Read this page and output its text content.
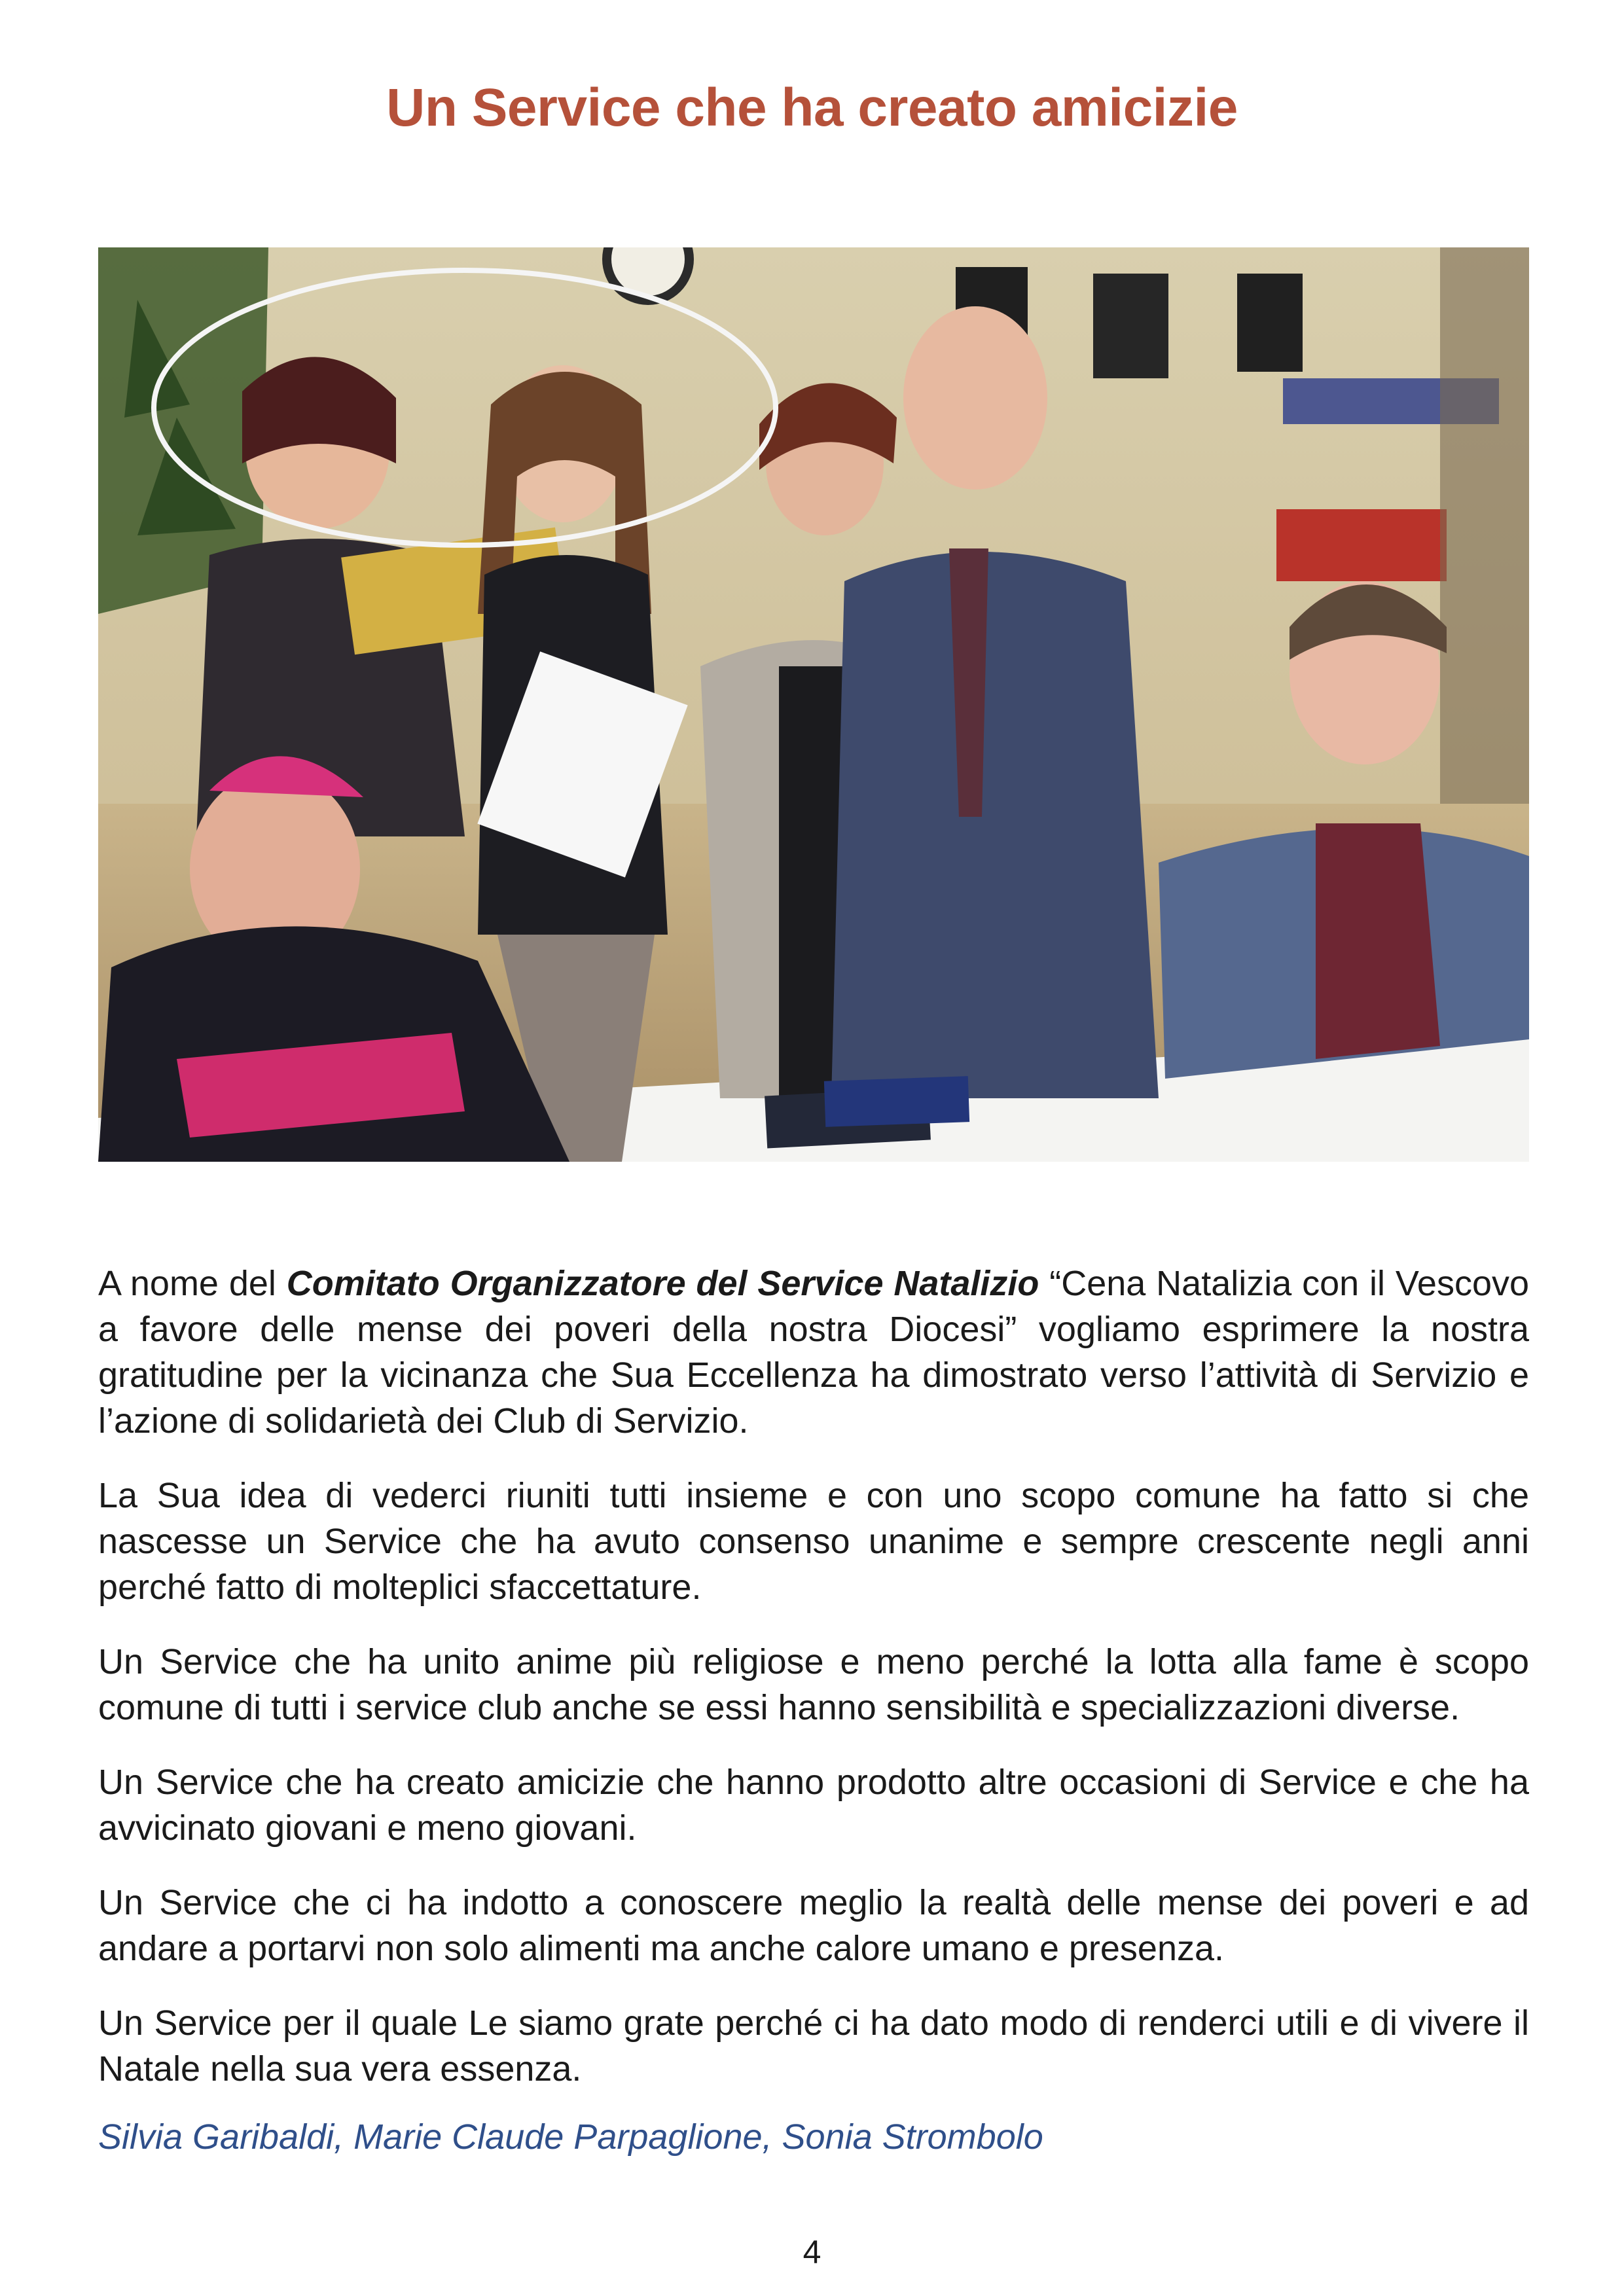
Un Service che ha creato amicizie

A nome del Comitato Organizzatore del Service Natalizio “Cena Natalizia con il Vescovo a favore delle mense dei poveri della nostra Diocesi” vogliamo esprimere la nostra gratitudine per la vicinanza che Sua Eccellenza ha dimostrato verso l’attività di Servizio e l’azione di solidarietà dei Club di Servizio.

La Sua idea di vederci riuniti tutti insieme e con uno scopo comune ha fatto si che nascesse un Service che ha avuto consenso unanime e sempre crescente negli anni perché fatto di molteplici sfaccettature.

Un Service che ha unito anime più religiose e meno perché la lotta alla fame è scopo comune di tutti i service club anche se essi hanno sensibilità e specializzazioni diverse.

Un Service che ha creato amicizie che hanno prodotto altre occasioni di Service e che ha avvicinato giovani e meno giovani.

Un Service che ci ha indotto a conoscere meglio la realtà delle mense dei poveri e ad andare a portarvi non solo alimenti ma anche calore umano e presenza.

Un Service per il quale Le siamo grate perché ci ha dato modo di renderci utili e di vivere il Natale nella sua vera essenza.

Silvia Garibaldi, Marie Claude Parpaglione, Sonia Strombolo

4
